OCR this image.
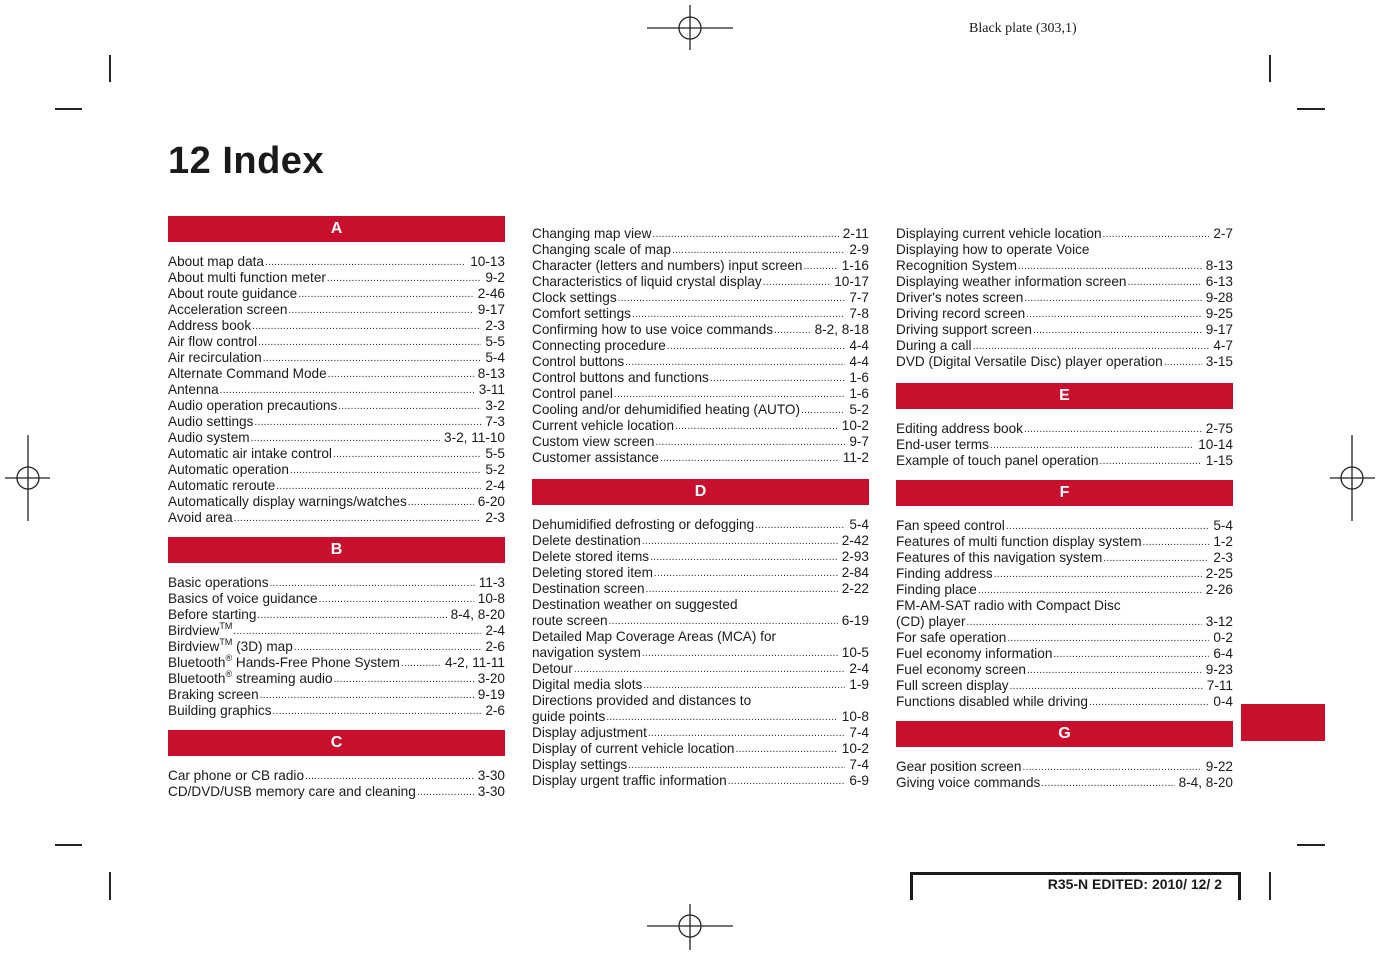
Black plate (303,1)
12 Index
A
About map data .....	10-13
About multi function meter .....	9-2
About route guidance .....	2-46
Acceleration screen .....	9-17
Address book .....	2-3
Air flow control .....	5-5
Air recirculation .....	5-4
Alternate Command Mode .....	8-13
Antenna .....	3-11
Audio operation precautions .....	3-2
Audio settings .....	7-3
Audio system .....	3-2, 11-10
Automatic air intake control .....	5-5
Automatic operation .....	5-2
Automatic reroute .....	2-4
Automatically display warnings/watches .....	6-20
Avoid area .....	2-3
B
Basic operations .....	11-3
Basics of voice guidance .....	10-8
Before starting .....	8-4, 8-20
Birdview™ .....	2-4
Birdview™ (3D) map .....	2-6
Bluetooth® Hands-Free Phone System .....	4-2, 11-11
Bluetooth® streaming audio .....	3-20
Braking screen .....	9-19
Building graphics .....	2-6
C
Car phone or CB radio .....	3-30
CD/DVD/USB memory care and cleaning .....	3-30
Changing map view .....	2-11
Changing scale of map .....	2-9
Character (letters and numbers) input screen .....	1-16
Characteristics of liquid crystal display .....	10-17
Clock settings .....	7-7
Comfort settings .....	7-8
Confirming how to use voice commands .....	8-2, 8-18
Connecting procedure .....	4-4
Control buttons .....	4-4
Control buttons and functions .....	1-6
Control panel .....	1-6
Cooling and/or dehumidified heating (AUTO) .....	5-2
Current vehicle location .....	10-2
Custom view screen .....	9-7
Customer assistance .....	11-2
D
Dehumidified defrosting or defogging .....	5-4
Delete destination .....	2-42
Delete stored items .....	2-93
Deleting stored item .....	2-84
Destination screen .....	2-22
Destination weather on suggested
route screen .....	6-19
Detailed Map Coverage Areas (MCA) for
navigation system .....	10-5
Detour .....	2-4
Digital media slots .....	1-9
Directions provided and distances to
guide points .....	10-8
Display adjustment .....	7-4
Display of current vehicle location .....	10-2
Display settings .....	7-4
Display urgent traffic information .....	6-9
Displaying current vehicle location .....	2-7
Displaying how to operate Voice
Recognition System .....	8-13
Displaying weather information screen .....	6-13
Driver's notes screen .....	9-28
Driving record screen .....	9-25
Driving support screen .....	9-17
During a call .....	4-7
DVD (Digital Versatile Disc) player operation .....	3-15
E
Editing address book .....	2-75
End-user terms .....	10-14
Example of touch panel operation .....	1-15
F
Fan speed control .....	5-4
Features of multi function display system .....	1-2
Features of this navigation system .....	2-3
Finding address .....	2-25
Finding place .....	2-26
FM-AM-SAT radio with Compact Disc
(CD) player .....	3-12
For safe operation .....	0-2
Fuel economy information .....	6-4
Fuel economy screen .....	9-23
Full screen display .....	7-11
Functions disabled while driving .....	0-4
G
Gear position screen .....	9-22
Giving voice commands .....	8-4, 8-20
R35-N EDITED: 2010/ 12/ 2
